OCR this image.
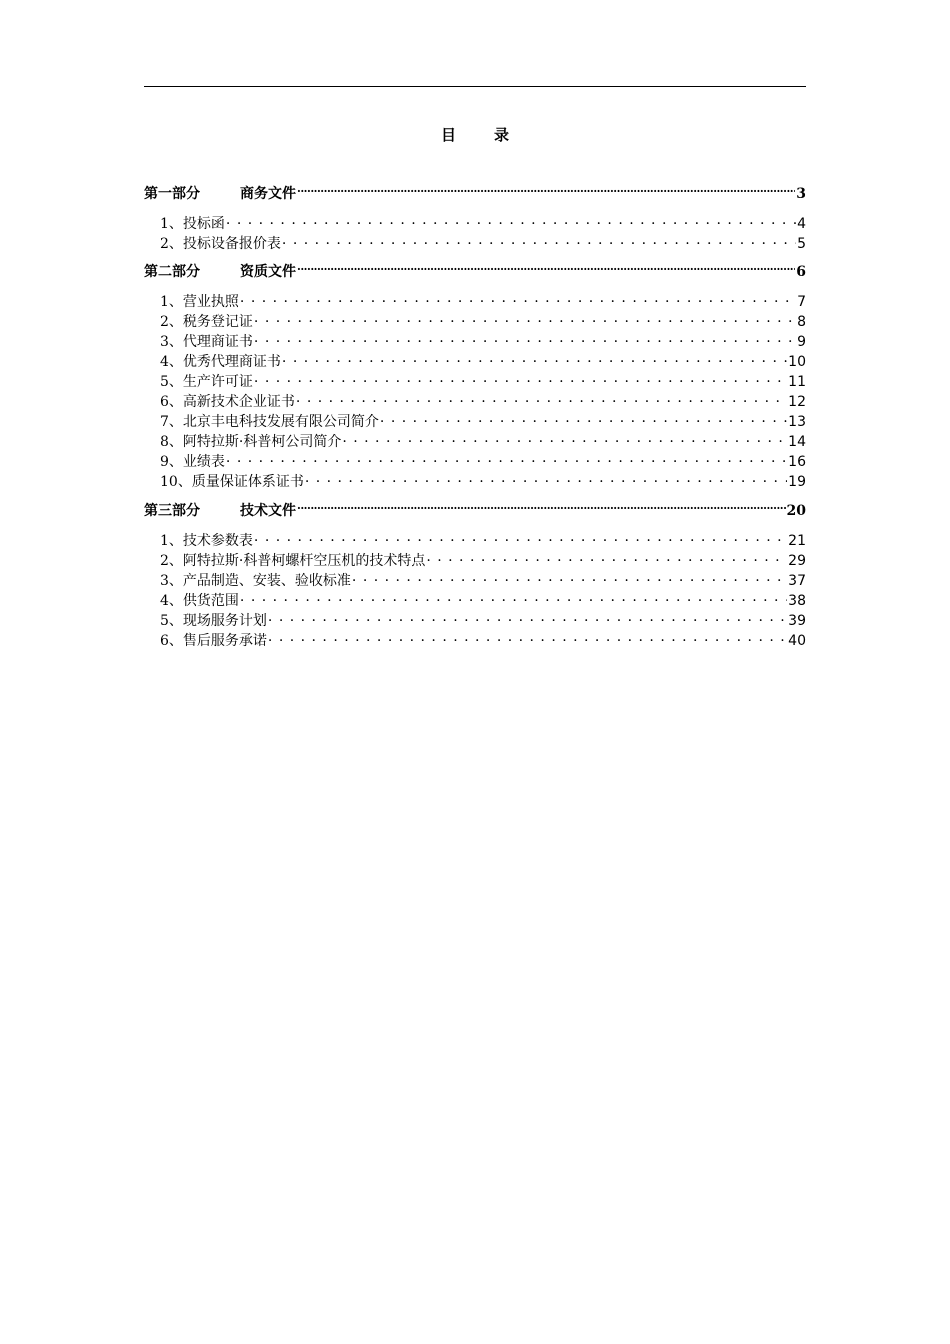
目	录
第一部分	商务文件 .....	3
1、投标函 . . .	4
2、投标设备报价表 . . .	5
第二部分	资质文件 .....	6
1、营业执照 . . .	7
2、税务登记证 . . .	8
3、代理商证书 . . .	9
4、优秀代理商证书 . . .	10
5、生产许可证 . . .	11
6、高新技术企业证书 . . .	12
7、北京丰电科技发展有限公司简介 . . .	13
8、阿特拉斯·科普柯公司简介 . . .	14
9、业绩表 . . .	16
10、质量保证体系证书 . . .	19
第三部分	技术文件 .....	20
1、技术参数表 . . .	21
2、阿特拉斯·科普柯螺杆空压机的技术特点 . . .	29
3、产品制造、安装、验收标准 . . .	37
4、供货范围 . . .	38
5、现场服务计划 . . .	39
6、售后服务承诺 . . .	40
